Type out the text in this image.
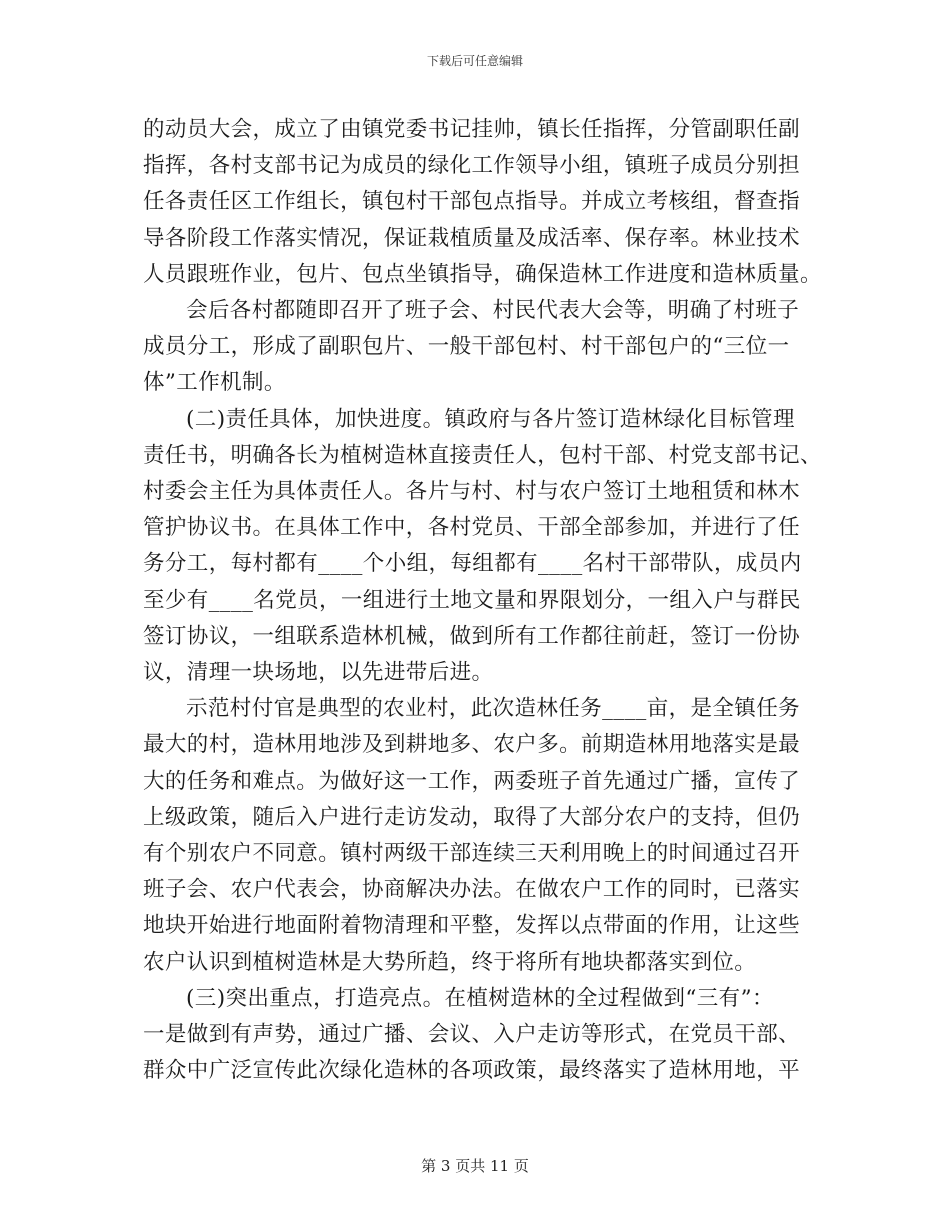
下载后可任意编辑

的动员大会，成立了由镇党委书记挂帅，镇长任指挥，分管副职任副
指挥，各村支部书记为成员的绿化工作领导小组，镇班子成员分别担
任各责任区工作组长，镇包村干部包点指导。并成立考核组，督查指
导各阶段工作落实情况，保证栽植质量及成活率、保存率。林业技术
人员跟班作业，包片、包点坐镇指导，确保造林工作进度和造林质量。

会后各村都随即召开了班子会、村民代表大会等，明确了村班子
成员分工，形成了副职包片、一般干部包村、村干部包户的“三位一
体”工作机制。

(二)责任具体，加快进度。镇政府与各片签订造林绿化目标管理
责任书，明确各长为植树造林直接责任人，包村干部、村党支部书记、
村委会主任为具体责任人。各片与村、村与农户签订土地租赁和林木
管护协议书。在具体工作中，各村党员、干部全部参加，并进行了任
务分工，每村都有____个小组，每组都有____名村干部带队，成员内
至少有____名党员，一组进行土地文量和界限划分，一组入户与群民
签订协议，一组联系造林机械，做到所有工作都往前赶，签订一份协
议，清理一块场地，以先进带后进。

示范村付官是典型的农业村，此次造林任务____亩，是全镇任务
最大的村，造林用地涉及到耕地多、农户多。前期造林用地落实是最
大的任务和难点。为做好这一工作，两委班子首先通过广播，宣传了
上级政策，随后入户进行走访发动，取得了大部分农户的支持，但仍
有个别农户不同意。镇村两级干部连续三天利用晚上的时间通过召开
班子会、农户代表会，协商解决办法。在做农户工作的同时，已落实
地块开始进行地面附着物清理和平整，发挥以点带面的作用，让这些
农户认识到植树造林是大势所趋，终于将所有地块都落实到位。

(三)突出重点，打造亮点。在植树造林的全过程做到“三有”：
一是做到有声势，通过广播、会议、入户走访等形式，在党员干部、
群众中广泛宣传此次绿化造林的各项政策，最终落实了造林用地，平

第 3 页共 11 页
